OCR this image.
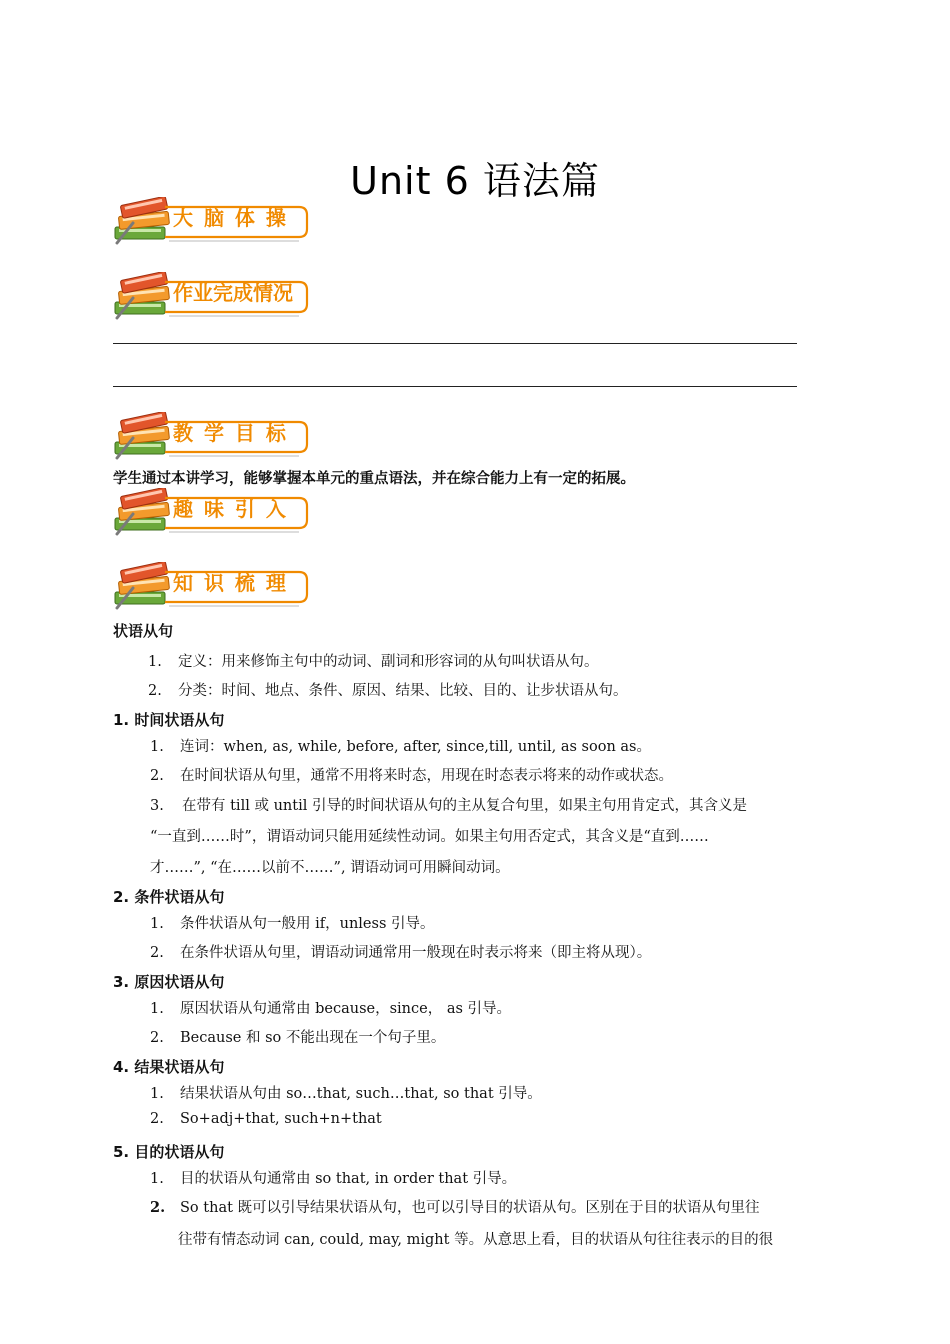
Unit 6 语法篇
大 脑 体 操
作业完成情况
教 学 目 标
学生通过本讲学习，能够掌握本单元的重点语法，并在综合能力上有一定的拓展。
趣 味 引 入
知 识 梳 理
状语从句
1. 定义：用来修饰主句中的动词、副词和形容词的从句叫状语从句。
2. 分类：时间、地点、条件、原因、结果、比较、目的、让步状语从句。
1. 时间状语从句
1. 连词：when, as, while, before, after, since,till, until, as soon as。
2. 在时间状语从句里，通常不用将来时态，用现在时态表示将来的动作或状态。
3. 在带有 till 或 until 引导的时间状语从句的主从复合句里，如果主句用肯定式，其含义是
“一直到……时”，谓语动词只能用延续性动词。如果主句用否定式，其含义是“直到……
才……”, “在……以前不……”, 谓语动词可用瞬间动词。
2. 条件状语从句
1. 条件状语从句一般用 if，unless 引导。
2. 在条件状语从句里，谓语动词通常用一般现在时表示将来（即主将从现）。
3. 原因状语从句
1. 原因状语从句通常由 because，since， as 引导。
2. Because 和 so 不能出现在一个句子里。
4. 结果状语从句
1. 结果状语从句由 so…that, such…that, so that 引导。
2. So+adj+that, such+n+that
5. 目的状语从句
1. 目的状语从句通常由 so that, in order that 引导。
2. So that 既可以引导结果状语从句，也可以引导目的状语从句。区别在于目的状语从句里往
往带有情态动词 can, could, may, might 等。从意思上看，目的状语从句往往表示的目的很
